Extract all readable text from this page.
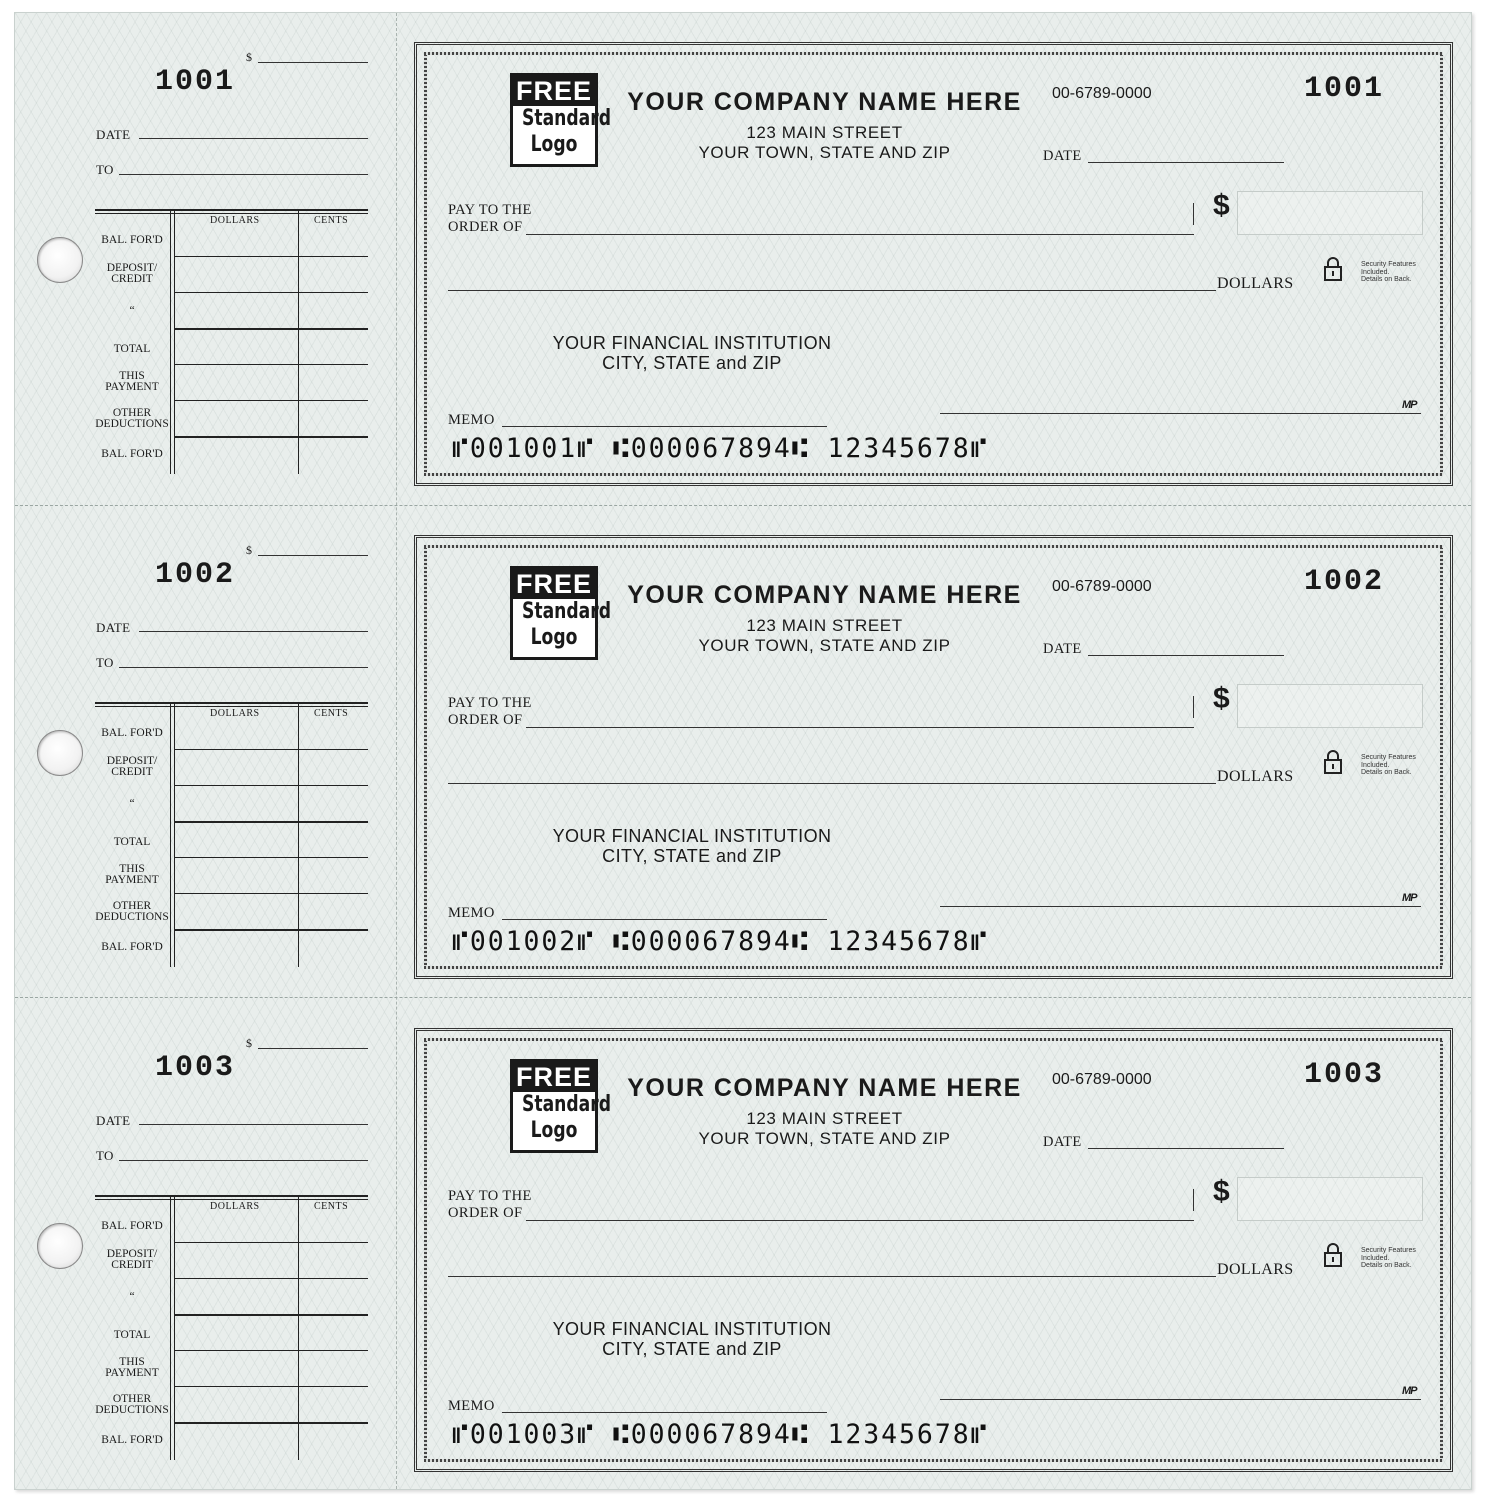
$
1001
DATE
TO
DOLLARS	CENTS
BAL. FOR'D
DEPOSIT/
CREDIT
“
TOTAL
THIS
PAYMENT
OTHER
DEDUCTIONS
BAL. FOR'D
FREE
Standard
Logo
YOUR COMPANY NAME HERE
123 MAIN STREET
YOUR TOWN, STATE AND ZIP
00-6789-0000	1001
DATE
PAY TO THE
ORDER OF
$
DOLLARS
Security Features
Included.
Details on Back.
YOUR FINANCIAL INSTITUTION
CITY, STATE and ZIP
MEMO
MP
⑈001001⑈ ⑆000067894⑆ 12345678⑈
$
1002
DATE
TO
DOLLARS	CENTS
BAL. FOR'D
DEPOSIT/
CREDIT
“
TOTAL
THIS
PAYMENT
OTHER
DEDUCTIONS
BAL. FOR'D
FREE
Standard
Logo
YOUR COMPANY NAME HERE
123 MAIN STREET
YOUR TOWN, STATE AND ZIP
00-6789-0000	1002
DATE
PAY TO THE
ORDER OF
$
DOLLARS
Security Features
Included.
Details on Back.
YOUR FINANCIAL INSTITUTION
CITY, STATE and ZIP
MEMO
MP
⑈001002⑈ ⑆000067894⑆ 12345678⑈
$
1003
DATE
TO
DOLLARS	CENTS
BAL. FOR'D
DEPOSIT/
CREDIT
“
TOTAL
THIS
PAYMENT
OTHER
DEDUCTIONS
BAL. FOR'D
FREE
Standard
Logo
YOUR COMPANY NAME HERE
123 MAIN STREET
YOUR TOWN, STATE AND ZIP
00-6789-0000	1003
DATE
PAY TO THE
ORDER OF
$
DOLLARS
Security Features
Included.
Details on Back.
YOUR FINANCIAL INSTITUTION
CITY, STATE and ZIP
MEMO
MP
⑈001003⑈ ⑆000067894⑆ 12345678⑈
